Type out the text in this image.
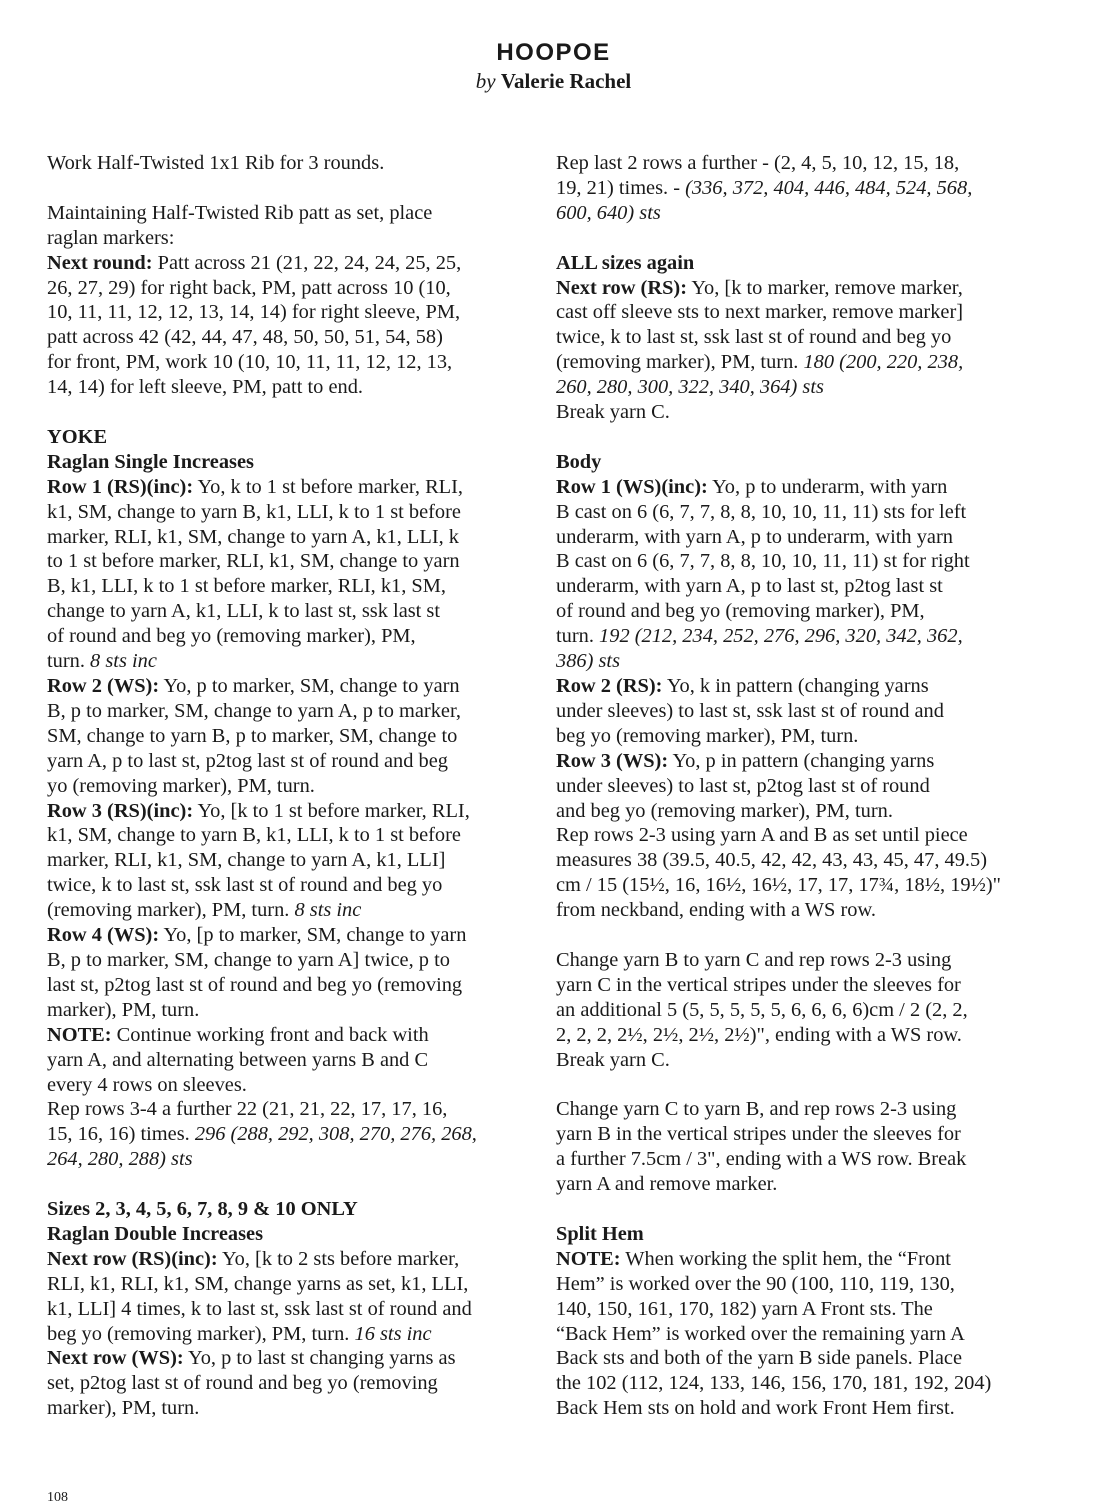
HOOPOE
by Valerie Rachel
Work Half-Twisted 1x1 Rib for 3 rounds.
Maintaining Half-Twisted Rib patt as set, place
raglan markers:
Next round: Patt across 21 (21, 22, 24, 24, 25, 25,
26, 27, 29) for right back, PM, patt across 10 (10,
10, 11, 11, 12, 12, 13, 14, 14) for right sleeve, PM,
patt across 42 (42, 44, 47, 48, 50, 50, 51, 54, 58)
for front, PM, work 10 (10, 10, 11, 11, 12, 12, 13,
14, 14) for left sleeve, PM, patt to end.
YOKE
Raglan Single Increases
Row 1 (RS)(inc): Yo, k to 1 st before marker, RLI,
k1, SM, change to yarn B, k1, LLI, k to 1 st before
marker, RLI, k1, SM, change to yarn A, k1, LLI, k
to 1 st before marker, RLI, k1, SM, change to yarn
B, k1, LLI, k to 1 st before marker, RLI, k1, SM,
change to yarn A, k1, LLI, k to last st, ssk last st
of round and beg yo (removing marker), PM,
turn. 8 sts inc
Row 2 (WS): Yo, p to marker, SM, change to yarn
B, p to marker, SM, change to yarn A, p to marker,
SM, change to yarn B, p to marker, SM, change to
yarn A, p to last st, p2tog last st of round and beg
yo (removing marker), PM, turn.
Row 3 (RS)(inc): Yo, [k to 1 st before marker, RLI,
k1, SM, change to yarn B, k1, LLI, k to 1 st before
marker, RLI, k1, SM, change to yarn A, k1, LLI]
twice, k to last st, ssk last st of round and beg yo
(removing marker), PM, turn. 8 sts inc
Row 4 (WS): Yo, [p to marker, SM, change to yarn
B, p to marker, SM, change to yarn A] twice, p to
last st, p2tog last st of round and beg yo (removing
marker), PM, turn.
NOTE: Continue working front and back with
yarn A, and alternating between yarns B and C
every 4 rows on sleeves.
Rep rows 3-4 a further 22 (21, 21, 22, 17, 17, 16,
15, 16, 16) times. 296 (288, 292, 308, 270, 276, 268,
264, 280, 288) sts
Sizes 2, 3, 4, 5, 6, 7, 8, 9 & 10 ONLY
Raglan Double Increases
Next row (RS)(inc): Yo, [k to 2 sts before marker,
RLI, k1, RLI, k1, SM, change yarns as set, k1, LLI,
k1, LLI] 4 times, k to last st, ssk last st of round and
beg yo (removing marker), PM, turn. 16 sts inc
Next row (WS): Yo, p to last st changing yarns as
set, p2tog last st of round and beg yo (removing
marker), PM, turn.
Rep last 2 rows a further - (2, 4, 5, 10, 12, 15, 18,
19, 21) times. - (336, 372, 404, 446, 484, 524, 568,
600, 640) sts
ALL sizes again
Next row (RS): Yo, [k to marker, remove marker,
cast off sleeve sts to next marker, remove marker]
twice, k to last st, ssk last st of round and beg yo
(removing marker), PM, turn. 180 (200, 220, 238,
260, 280, 300, 322, 340, 364) sts
Break yarn C.
Body
Row 1 (WS)(inc): Yo, p to underarm, with yarn
B cast on 6 (6, 7, 7, 8, 8, 10, 10, 11, 11) sts for left
underarm, with yarn A, p to underarm, with yarn
B cast on 6 (6, 7, 7, 8, 8, 10, 10, 11, 11) st for right
underarm, with yarn A, p to last st, p2tog last st
of round and beg yo (removing marker), PM,
turn. 192 (212, 234, 252, 276, 296, 320, 342, 362,
386) sts
Row 2 (RS): Yo, k in pattern (changing yarns
under sleeves) to last st, ssk last st of round and
beg yo (removing marker), PM, turn.
Row 3 (WS): Yo, p in pattern (changing yarns
under sleeves) to last st, p2tog last st of round
and beg yo (removing marker), PM, turn.
Rep rows 2-3 using yarn A and B as set until piece
measures 38 (39.5, 40.5, 42, 42, 43, 43, 45, 47, 49.5)
cm / 15 (15½, 16, 16½, 16½, 17, 17, 17¾, 18½, 19½)"
from neckband, ending with a WS row.
Change yarn B to yarn C and rep rows 2-3 using
yarn C in the vertical stripes under the sleeves for
an additional 5 (5, 5, 5, 5, 5, 6, 6, 6, 6)cm / 2 (2, 2,
2, 2, 2, 2½, 2½, 2½, 2½)", ending with a WS row.
Break yarn C.
Change yarn C to yarn B, and rep rows 2-3 using
yarn B in the vertical stripes under the sleeves for
a further 7.5cm / 3", ending with a WS row. Break
yarn A and remove marker.
Split Hem
NOTE: When working the split hem, the “Front
Hem” is worked over the 90 (100, 110, 119, 130,
140, 150, 161, 170, 182) yarn A Front sts. The
“Back Hem” is worked over the remaining yarn A
Back sts and both of the yarn B side panels. Place
the 102 (112, 124, 133, 146, 156, 170, 181, 192, 204)
Back Hem sts on hold and work Front Hem first.
108
